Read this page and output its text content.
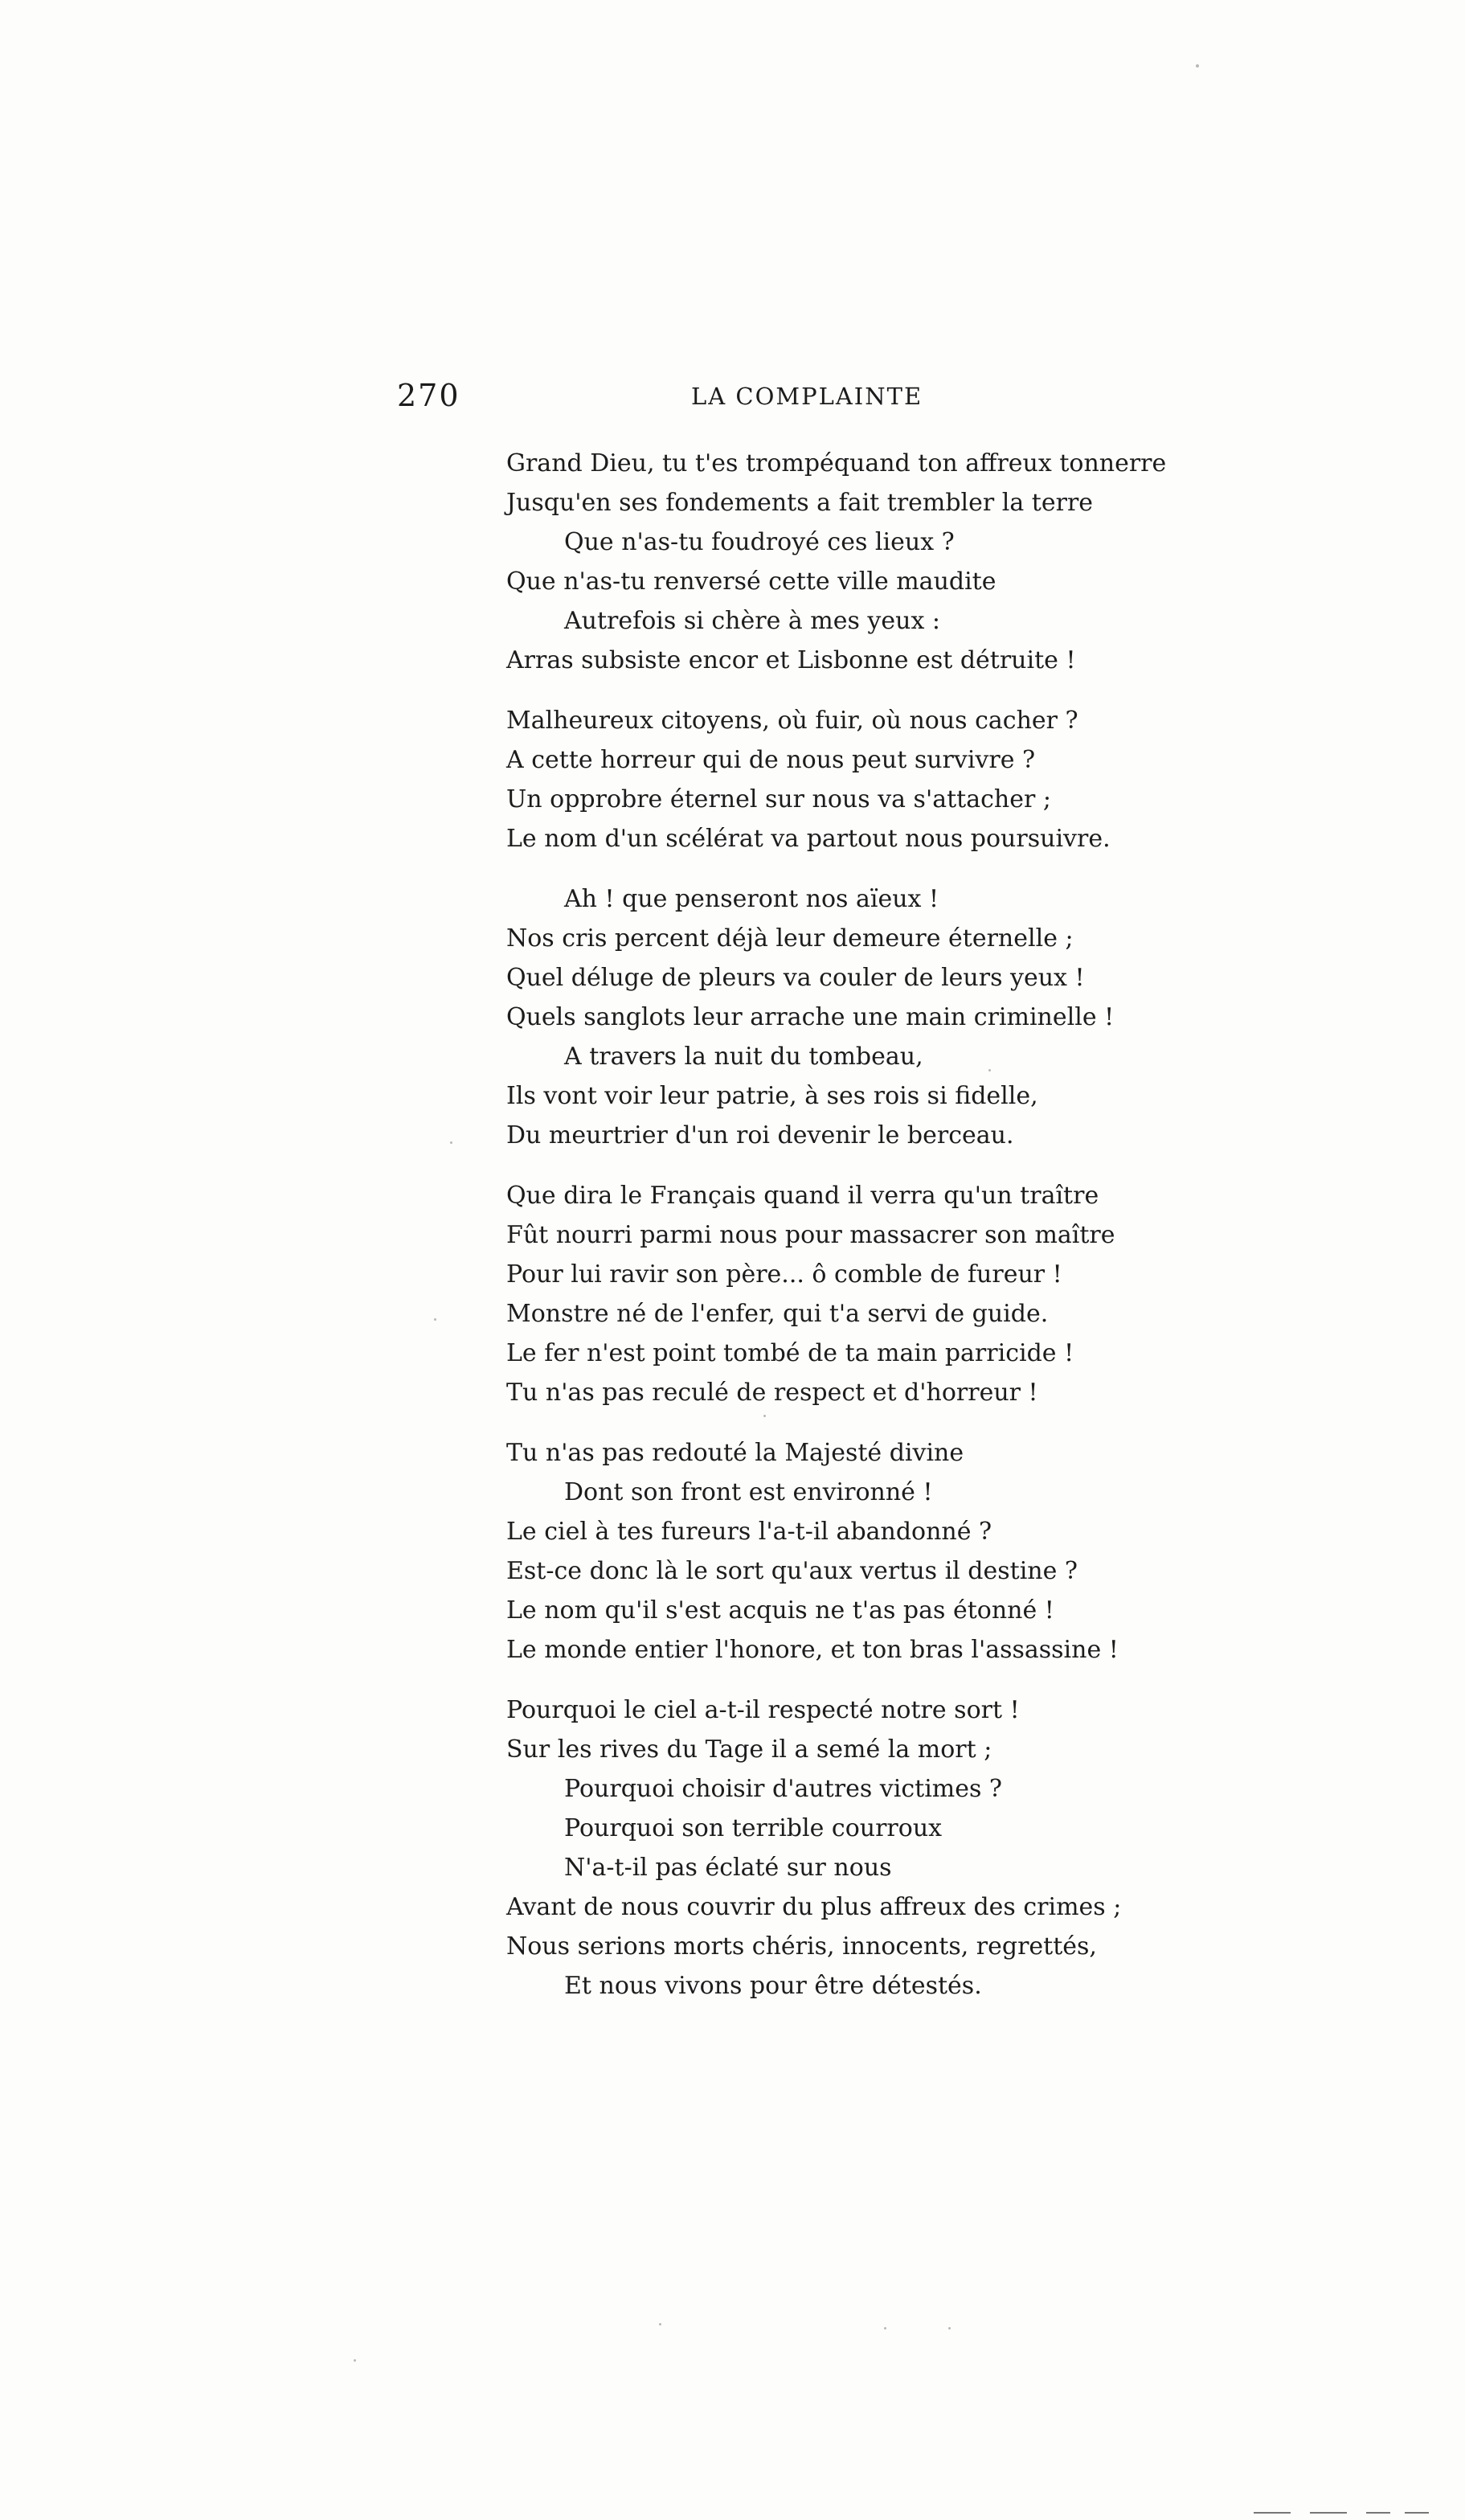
270	LA COMPLAINTE
Grand Dieu, tu t'es trompéquand ton affreux tonnerre
Jusqu'en ses fondements a fait trembler la terre
Que n'as-tu foudroyé ces lieux ?
Que n'as-tu renversé cette ville maudite
Autrefois si chère à mes yeux :
Arras subsiste encor et Lisbonne est détruite !
Malheureux citoyens, où fuir, où nous cacher ?
A cette horreur qui de nous peut survivre ?
Un opprobre éternel sur nous va s'attacher ;
Le nom d'un scélérat va partout nous poursuivre.
Ah ! que penseront nos aïeux !
Nos cris percent déjà leur demeure éternelle ;
Quel déluge de pleurs va couler de leurs yeux !
Quels sanglots leur arrache une main criminelle !
A travers la nuit du tombeau,
Ils vont voir leur patrie, à ses rois si fidelle,
Du meurtrier d'un roi devenir le berceau.
Que dira le Français quand il verra qu'un traître
Fût nourri parmi nous pour massacrer son maître
Pour lui ravir son père... ô comble de fureur !
Monstre né de l'enfer, qui t'a servi de guide.
Le fer n'est point tombé de ta main parricide !
Tu n'as pas reculé de respect et d'horreur !
Tu n'as pas redouté la Majesté divine
Dont son front est environné !
Le ciel à tes fureurs l'a-t-il abandonné ?
Est-ce donc là le sort qu'aux vertus il destine ?
Le nom qu'il s'est acquis ne t'as pas étonné !
Le monde entier l'honore, et ton bras l'assassine !
Pourquoi le ciel a-t-il respecté notre sort !
Sur les rives du Tage il a semé la mort ;
Pourquoi choisir d'autres victimes ?
Pourquoi son terrible courroux
N'a-t-il pas éclaté sur nous
Avant de nous couvrir du plus affreux des crimes ;
Nous serions morts chéris, innocents, regrettés,
Et nous vivons pour être détestés.
